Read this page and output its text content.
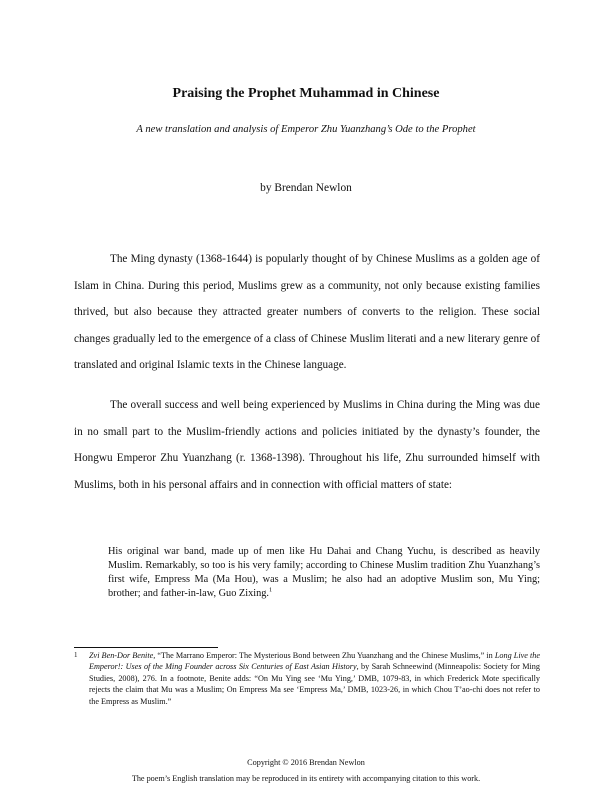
Praising the Prophet Muhammad in Chinese
A new translation and analysis of Emperor Zhu Yuanzhang’s Ode to the Prophet
by Brendan Newlon

The Ming dynasty (1368-1644) is popularly thought of by Chinese Muslims as a golden age of Islam in China. During this period, Muslims grew as a community, not only because existing families thrived, but also because they attracted greater numbers of converts to the religion. These social changes gradually led to the emergence of a class of Chinese Muslim literati and a new literary genre of translated and original Islamic texts in the Chinese language.

The overall success and well being experienced by Muslims in China during the Ming was due in no small part to the Muslim-friendly actions and policies initiated by the dynasty’s founder, the Hongwu Emperor Zhu Yuanzhang (r. 1368-1398). Throughout his life, Zhu surrounded himself with Muslims, both in his personal affairs and in connection with official matters of state:

His original war band, made up of men like Hu Dahai and Chang Yuchu, is described as heavily Muslim. Remarkably, so too is his very family; according to Chinese Muslim tradition Zhu Yuanzhang’s first wife, Empress Ma (Ma Hou), was a Muslim; he also had an adoptive Muslim son, Mu Ying; brother; and father-in-law, Guo Zixing.$^1$

1	Zvi Ben-Dor Benite, “The Marrano Emperor: The Mysterious Bond between Zhu Yuanzhang and the Chinese Muslims,” in Long Live the Emperor!: Uses of the Ming Founder across Six Centuries of East Asian History, by Sarah Schneewind (Minneapolis: Society for Ming Studies, 2008), 276. In a footnote, Benite adds: “On Mu Ying see ‘Mu Ying,’ DMB, 1079-83, in which Frederick Mote specifically rejects the claim that Mu was a Muslim; On Empress Ma see ‘Empress Ma,’ DMB, 1023-26, in which Chou T’ao-chi does not refer to the Empress as Muslim.”
Copyright © 2016 Brendan Newlon
The poem’s English translation may be reproduced in its entirety with accompanying citation to this work.
